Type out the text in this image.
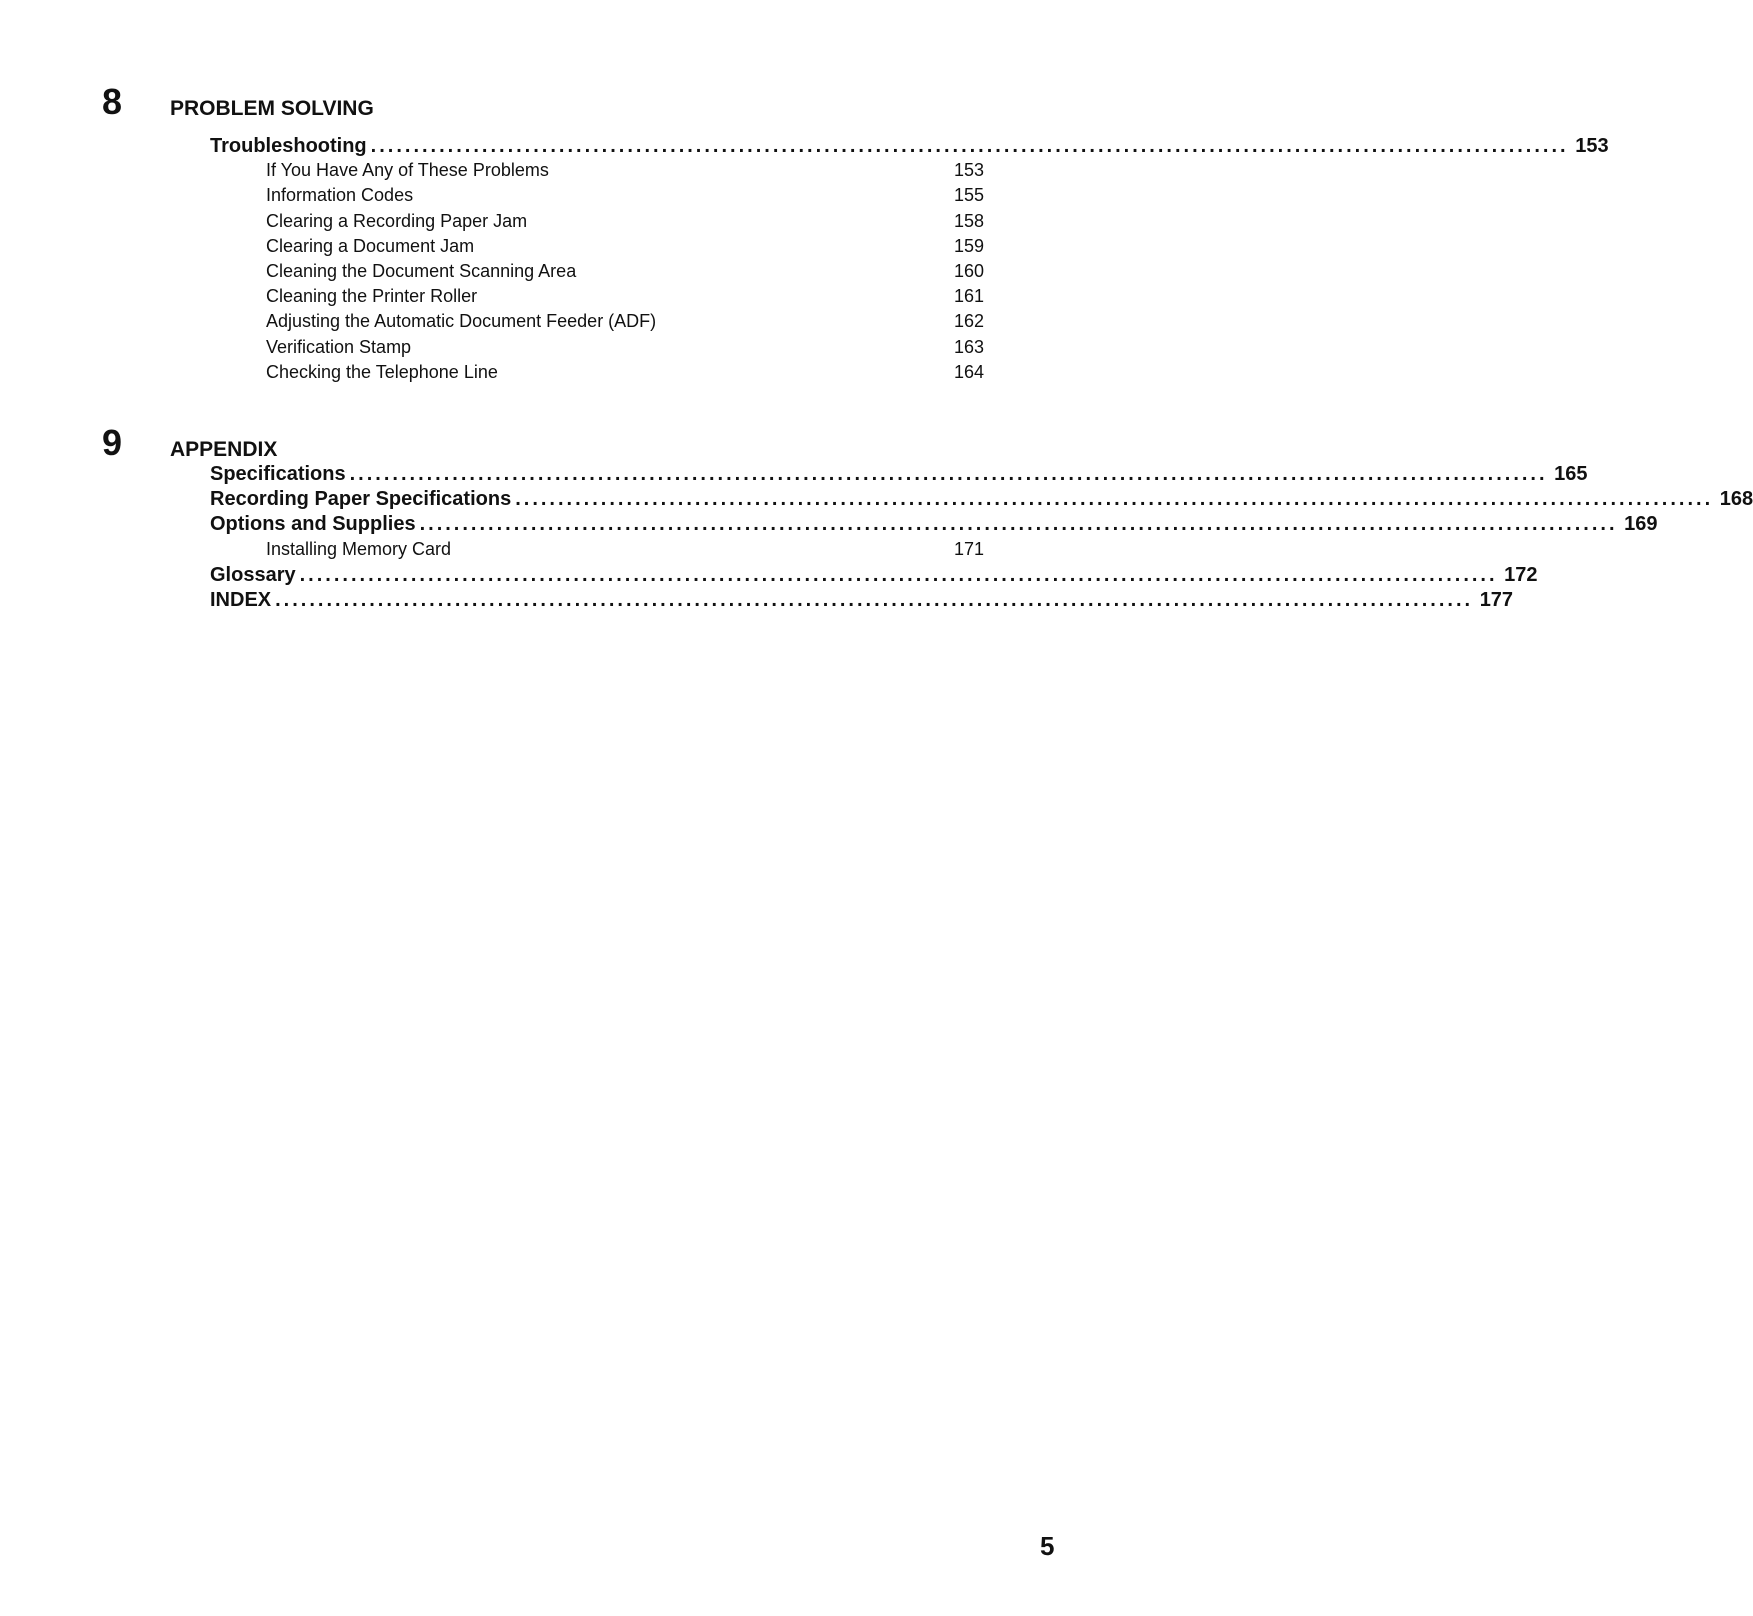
8 PROBLEM SOLVING
Troubleshooting ............................................................................................................................................ 153
If You Have Any of These Problems	153
Information Codes	155
Clearing a Recording Paper Jam	158
Clearing a Document Jam	159
Cleaning the Document Scanning Area	160
Cleaning the Printer Roller	161
Adjusting the Automatic Document Feeder (ADF)	162
Verification Stamp	163
Checking the Telephone Line	164
9 APPENDIX
Specifications ............................................................................................................................................ 165
Recording Paper Specifications ............................................................................................................................................ 168
Options and Supplies ............................................................................................................................................ 169
Installing Memory Card	171
Glossary ............................................................................................................................................ 172
INDEX ............................................................................................................................................ 177
5
